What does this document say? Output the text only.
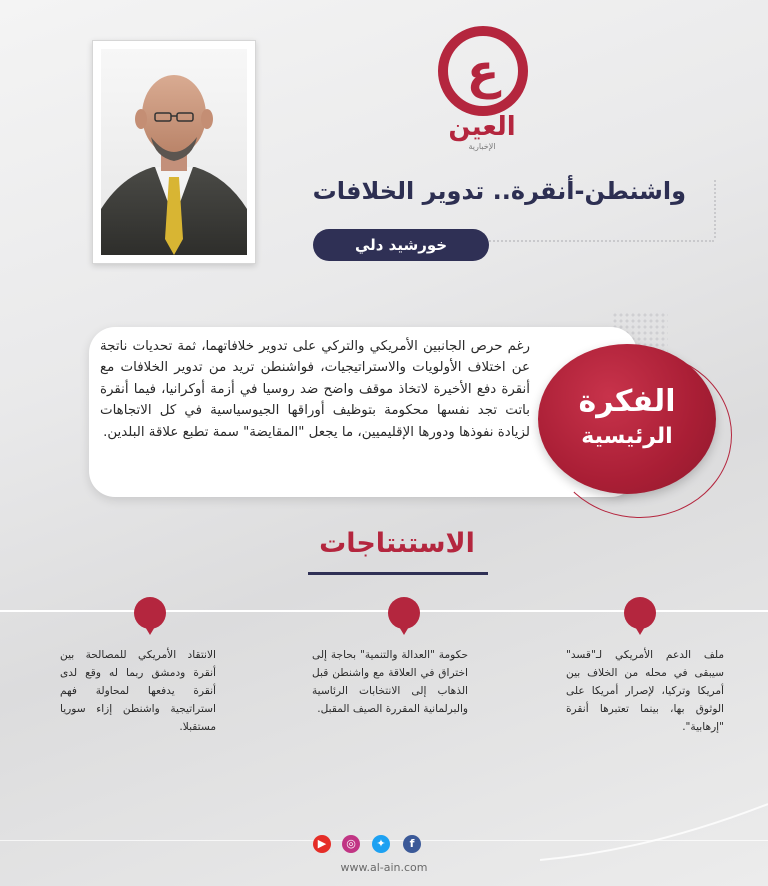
ع
العين
الإخبارية
واشنطن-أنقرة.. تدوير الخلافات
خورشيد دلي
رغم حرص الجانبين الأمريكي والتركي على تدوير خلافاتهما، ثمة تحديات ناتجة عن اختلاف الأولويات والاستراتيجيات، فواشنطن تريد من تدوير الخلافات مع أنقرة دفع الأخيرة لاتخاذ موقف واضح ضد روسيا في أزمة أوكرانيا، فيما أنقرة باتت تجد نفسها محكومة بتوظيف أوراقها الجيوسياسية في كل الاتجاهات لزيادة نفوذها ودورها الإقليميين، ما يجعل "المقايضة" سمة تطبع علاقة البلدين.
الفكرة
الرئيسية
الاستنتاجات
ملف الدعم الأمريكي لـ"قسد" سيبقى في محله من الخلاف بين أمريكا وتركيا، لإصرار أمريكا على الوثوق بها، بينما تعتبرها أنقرة "إرهابية".
حكومة "العدالة والتنمية" بحاجة إلى اختراق في العلاقة مع واشنطن قبل الذهاب إلى الانتخابات الرئاسية والبرلمانية المقررة الصيف المقبل.
الانتقاد الأمريكي للمصالحة بين أنقرة ودمشق ربما له وقع لدى أنقرة يدفعها لمحاولة فهم استراتيجية واشنطن إزاء سوريا مستقبلا.
▶	◎	✦	f
www.al-ain.com
